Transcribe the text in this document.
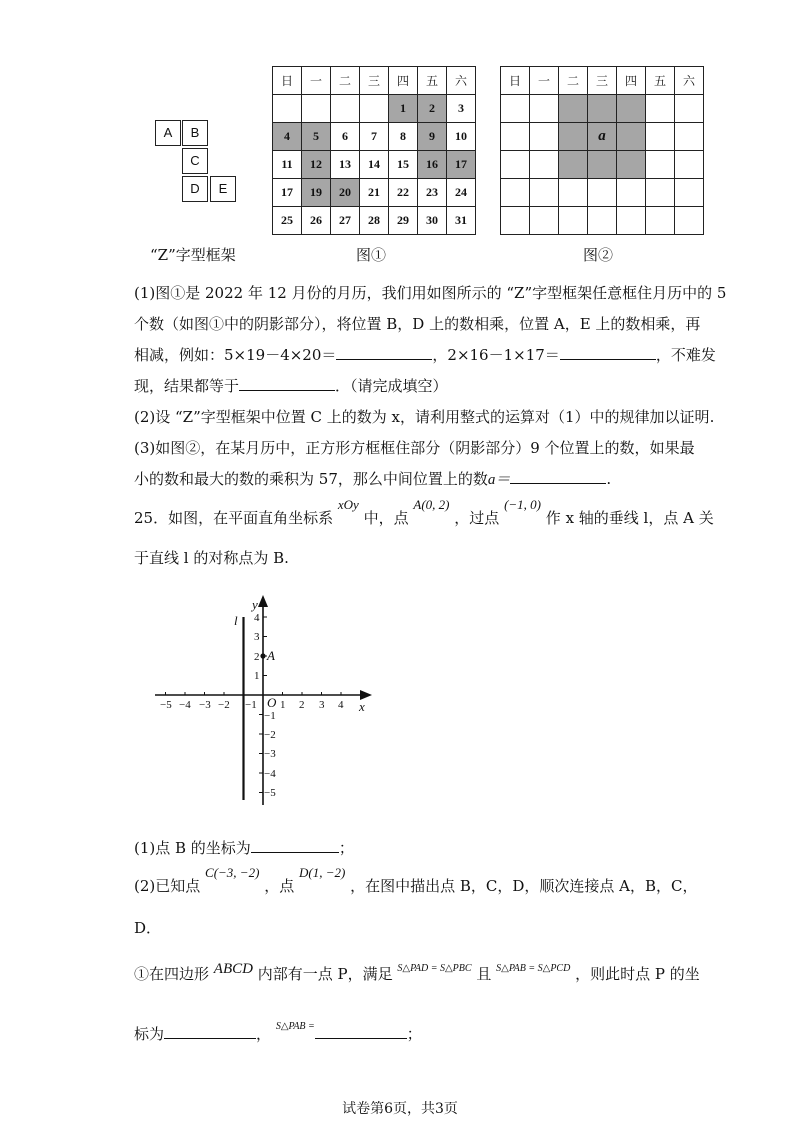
A	B
C
D	E
“Z”字型框架
日	一	二	三	四	五	六
				1	2	3
4	5	6	7	8	9	10
11	12	13	14	15	16	17
17	19	20	21	22	23	24
25	26	27	28	29	30	31
图①
日	一	二	三	四	五	六

			a			

图②
(1)图①是 2022 年 12 月份的月历，我们用如图所示的 “Z”字型框架任意框住月历中的 5
个数（如图①中的阴影部分），将位置 B，D 上的数相乘，位置 A，E 上的数相乘，再
相减，例如：5×19－4×20＝	，2×16－1×17＝	，不难发
现，结果都等于	．（请完成填空）
(2)设 “Z”字型框架中位置 C 上的数为 x，请利用整式的运算对（1）中的规律加以证明.
(3)如图②，在某月历中，正方形方框框住部分（阴影部分）9 个位置上的数，如果最
小的数和最大的数的乘积为 57，那么中间位置上的数a＝	.
25．如图，在平面直角坐标系 xOy 中，点 A(0, 2) ，过点 (−1, 0) 作 x 轴的垂线 l，点 A 关
于直线 l 的对称点为 B.
−5 −4 −3 −2 −1 1 2 3 4
4
3
2
1
−1
−2
−3
−4
−5
x
y
O
l
A
(1)点 B 的坐标为	；
(2)已知点 C(−3, −2) ，点 D(1, −2) ，在图中描出点 B，C，D，顺次连接点 A，B，C，
D．
①在四边形 ABCD 内部有一点 P，满足 $^{S\triangle PAD = S\triangle PBC}$ 且 $^{S\triangle PAB = S\triangle PCD}$ ，则此时点 P 的坐
标为	， $^{S\triangle PAB =}$	；
试卷第6页，共3页
